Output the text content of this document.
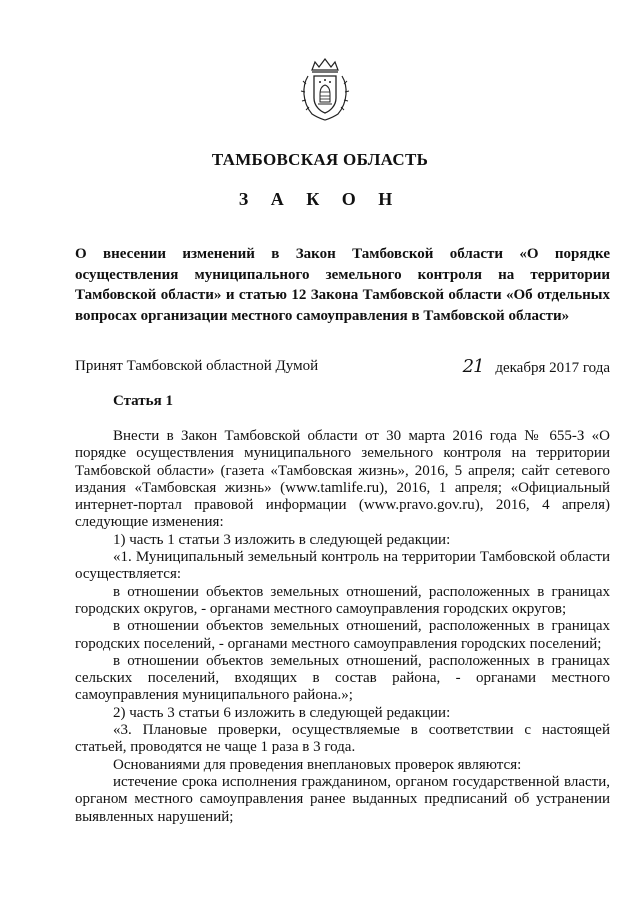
ТАМБОВСКАЯ ОБЛАСТЬ
З А К О Н
О внесении изменений в Закон Тамбовской области «О порядке осуществления муниципального земельного контроля на территории Тамбовской области» и статью 12 Закона Тамбовской области «Об отдельных вопросах организации местного самоуправления в Тамбовской области»
Принят Тамбовской областной Думой	21 декабря 2017 года
Статья 1

Внести в Закон Тамбовской области от 30 марта 2016 года № 655-З «О порядке осуществления муниципального земельного контроля на территории Тамбовской области» (газета «Тамбовская жизнь», 2016, 5 апреля; сайт сетевого издания «Тамбовская жизнь» (www.tamlife.ru), 2016, 1 апреля; «Официальный интернет-портал правовой информации (www.pravo.gov.ru), 2016, 4 апреля) следующие изменения:

1) часть 1 статьи 3 изложить в следующей редакции:

«1. Муниципальный земельный контроль на территории Тамбовской области осуществляется:

в отношении объектов земельных отношений, расположенных в границах городских округов, - органами местного самоуправления городских округов;

в отношении объектов земельных отношений, расположенных в границах городских поселений, - органами местного самоуправления городских поселений;

в отношении объектов земельных отношений, расположенных в границах сельских поселений, входящих в состав района, - органами местного самоуправления муниципального района.»;

2) часть 3 статьи 6 изложить в следующей редакции:

«3. Плановые проверки, осуществляемые в соответствии с настоящей статьей, проводятся не чаще 1 раза в 3 года.

Основаниями для проведения внеплановых проверок являются:

истечение срока исполнения гражданином, органом государственной власти, органом местного самоуправления ранее выданных предписаний об устранении выявленных нарушений;
